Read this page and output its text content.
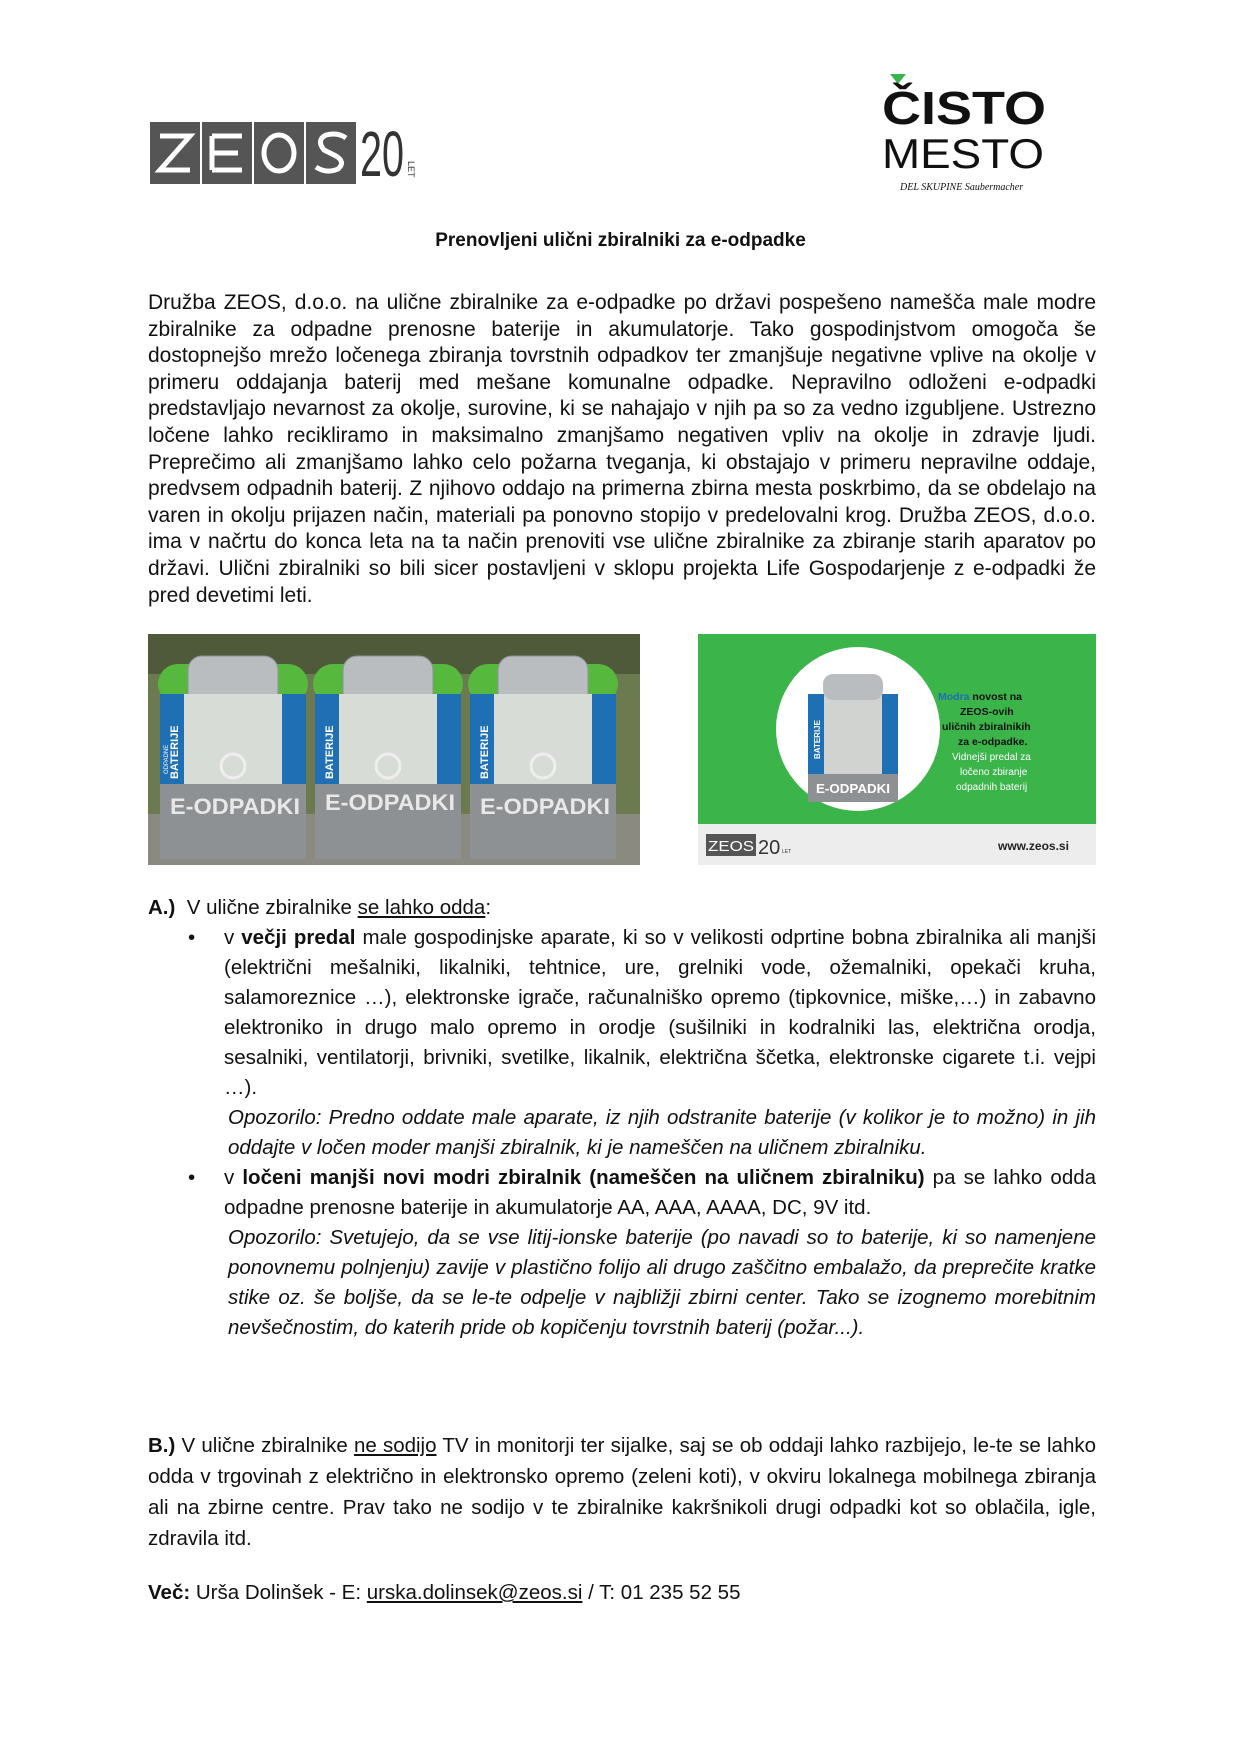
20 LET
ZEOS	ČISTO
MESTO
DEL SKUPINE Saubermacher
Prenovljeni ulični zbiralniki za e-odpadke
Družba ZEOS, d.o.o. na ulične zbiralnike za e-odpadke po državi pospešeno nameščа male modre zbiralnike za odpadne prenosne baterije in akumulatorje. Tako gospodinjstvom omogoča še dostopnejšo mrežo ločenega zbiranja tovrstnih odpadkov ter zmanjšuje negativne vplive na okolje v primeru oddajanja baterij med mešane komunalne odpadke. Nepravilno odloženi e-odpadki predstavljajo nevarnost za okolje, surovine, ki se nahajajo v njih pa so za vedno izgubljene. Ustrezno ločene lahko recikliramo in maksimalno zmanjšamo negativen vpliv na okolje in zdravje ljudi. Preprečimo ali zmanjšamo lahko celo požarna tveganja, ki obstajajo v primeru nepravilne oddaje, predvsem odpadnih baterij. Z njihovo oddajo na primerna zbirna mesta poskrbimo, da se obdelajo na varen in okolju prijazen način, materiali pa ponovno stopijo v predelovalni krog. Družba ZEOS, d.o.o. ima v načrtu do konca leta na ta način prenoviti vse ulične zbiralnike za zbiranje starih aparatov po državi. Ulični zbiralniki so bili sicer postavljeni v sklopu projekta Life Gospodarjenje z e-odpadki že pred devetimi leti.
E-ODPADKI E-ODPADKI E-ODPADKI
BATERIJE	BATERIJE	BATERIJE
ODPADNE
E-ODPADKI
BATERIJE
Modra novost na
ZEOS-ovih
uličnih zbiralnikih
za e-odpadke.
Vidnejši predal za
ločeno zbiranje
odpadnih baterij
ZEOS 20 LET	www.zeos.si
A.) V ulične zbiralnike se lahko odda:
• v večji predal male gospodinjske aparate, ki so v velikosti odprtine bobna zbiralnika ali manjši (električni mešalniki, likalniki, tehtnice, ure, grelniki vode, ožemalniki, opekači kruha, salamoreznice …), elektronske igrače, računalniško opremo (tipkovnice, miške,…) in zabavno elektroniko in drugo malo opremo in orodje (sušilniki in kodralniki las, električna orodja, sesalniki, ventilatorji, brivniki, svetilke, likalnik, električna ščetka, elektronske cigarete t.i. vejpi …).
Opozorilo: Predno oddate male aparate, iz njih odstranite baterije (v kolikor je to možno) in jih oddajte v ločen moder manjši zbiralnik, ki je nameščen na uličnem zbiralniku.
• v ločeni manjši novi modri zbiralnik (nameščen na uličnem zbiralniku) pa se lahko odda odpadne prenosne baterije in akumulatorje AA, AAA, AAAA, DC, 9V itd.
Opozorilo: Svetujejo, da se vse litij-ionske baterije (po navadi so to baterije, ki so namenjene ponovnemu polnjenju) zavije v plastično folijo ali drugo zaščitno embalažo, da preprečite kratke stike oz. še boljše, da se le-te odpelje v najbližji zbirni center. Tako se izognemo morebitnim nevšečnostim, do katerih pride ob kopičenju tovrstnih baterij (požar...).
B.) V ulične zbiralnike ne sodijo TV in monitorji ter sijalke, saj se ob oddaji lahko razbijejo, le-te se lahko odda v trgovinah z električno in elektronsko opremo (zeleni koti), v okviru lokalnega mobilnega zbiranja ali na zbirne centre. Prav tako ne sodijo v te zbiralnike kakršnikoli drugi odpadki kot so oblačila, igle, zdravila itd.
Več: Urša Dolinšek - E: urska.dolinsek@zeos.si / T: 01 235 52 55
